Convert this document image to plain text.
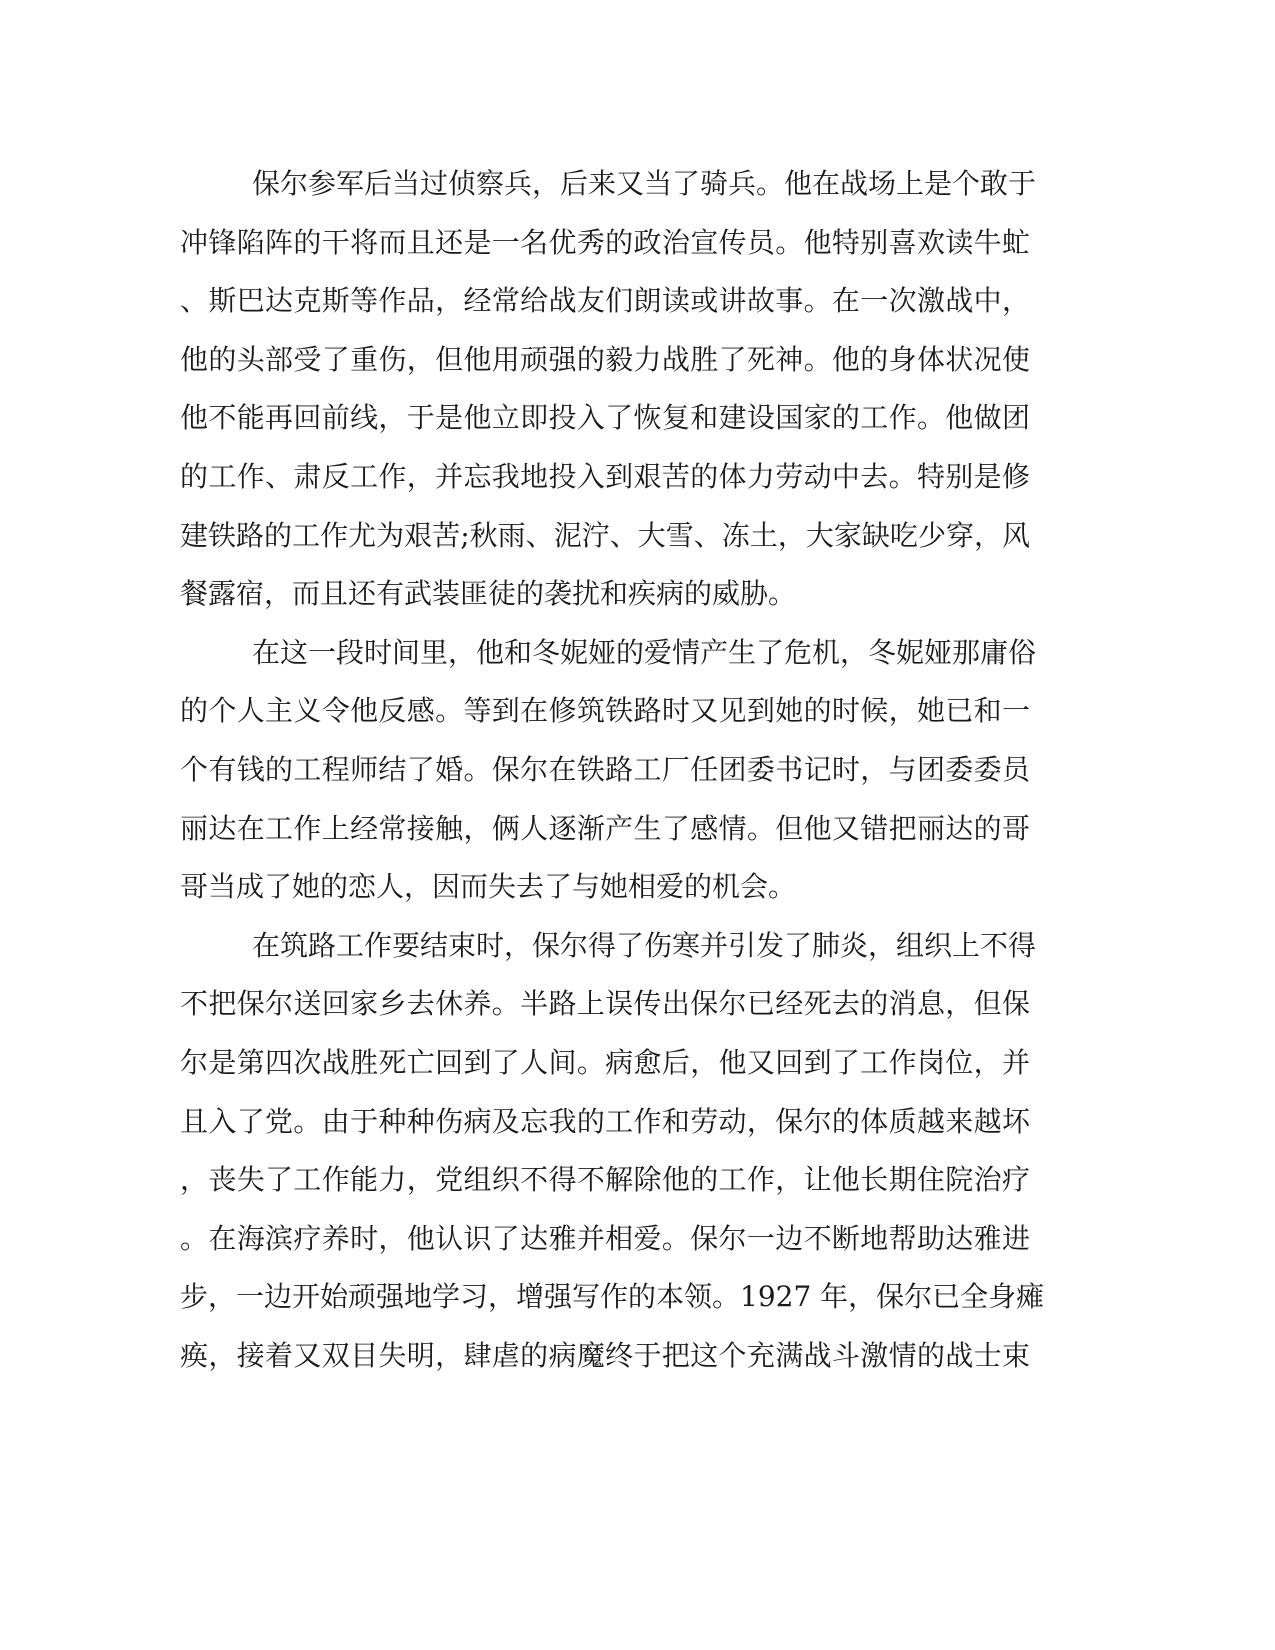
保尔参军后当过侦察兵，后来又当了骑兵。他在战场上是个敢于
冲锋陷阵的干将而且还是一名优秀的政治宣传员。他特别喜欢读牛虻
、斯巴达克斯等作品，经常给战友们朗读或讲故事。在一次激战中，
他的头部受了重伤，但他用顽强的毅力战胜了死神。他的身体状况使
他不能再回前线，于是他立即投入了恢复和建设国家的工作。他做团
的工作、肃反工作，并忘我地投入到艰苦的体力劳动中去。特别是修
建铁路的工作尤为艰苦;秋雨、泥泞、大雪、冻土，大家缺吃少穿，风
餐露宿，而且还有武装匪徒的袭扰和疾病的威胁。
在这一段时间里，他和冬妮娅的爱情产生了危机，冬妮娅那庸俗
的个人主义令他反感。等到在修筑铁路时又见到她的时候，她已和一
个有钱的工程师结了婚。保尔在铁路工厂任团委书记时，与团委委员
丽达在工作上经常接触，俩人逐渐产生了感情。但他又错把丽达的哥
哥当成了她的恋人，因而失去了与她相爱的机会。
在筑路工作要结束时，保尔得了伤寒并引发了肺炎，组织上不得
不把保尔送回家乡去休养。半路上误传出保尔已经死去的消息，但保
尔是第四次战胜死亡回到了人间。病愈后，他又回到了工作岗位，并
且入了党。由于种种伤病及忘我的工作和劳动，保尔的体质越来越坏
，丧失了工作能力，党组织不得不解除他的工作，让他长期住院治疗
。在海滨疗养时，他认识了达雅并相爱。保尔一边不断地帮助达雅进
步，一边开始顽强地学习，增强写作的本领。1927 年，保尔已全身瘫
痪，接着又双目失明，肆虐的病魔终于把这个充满战斗激情的战士束
